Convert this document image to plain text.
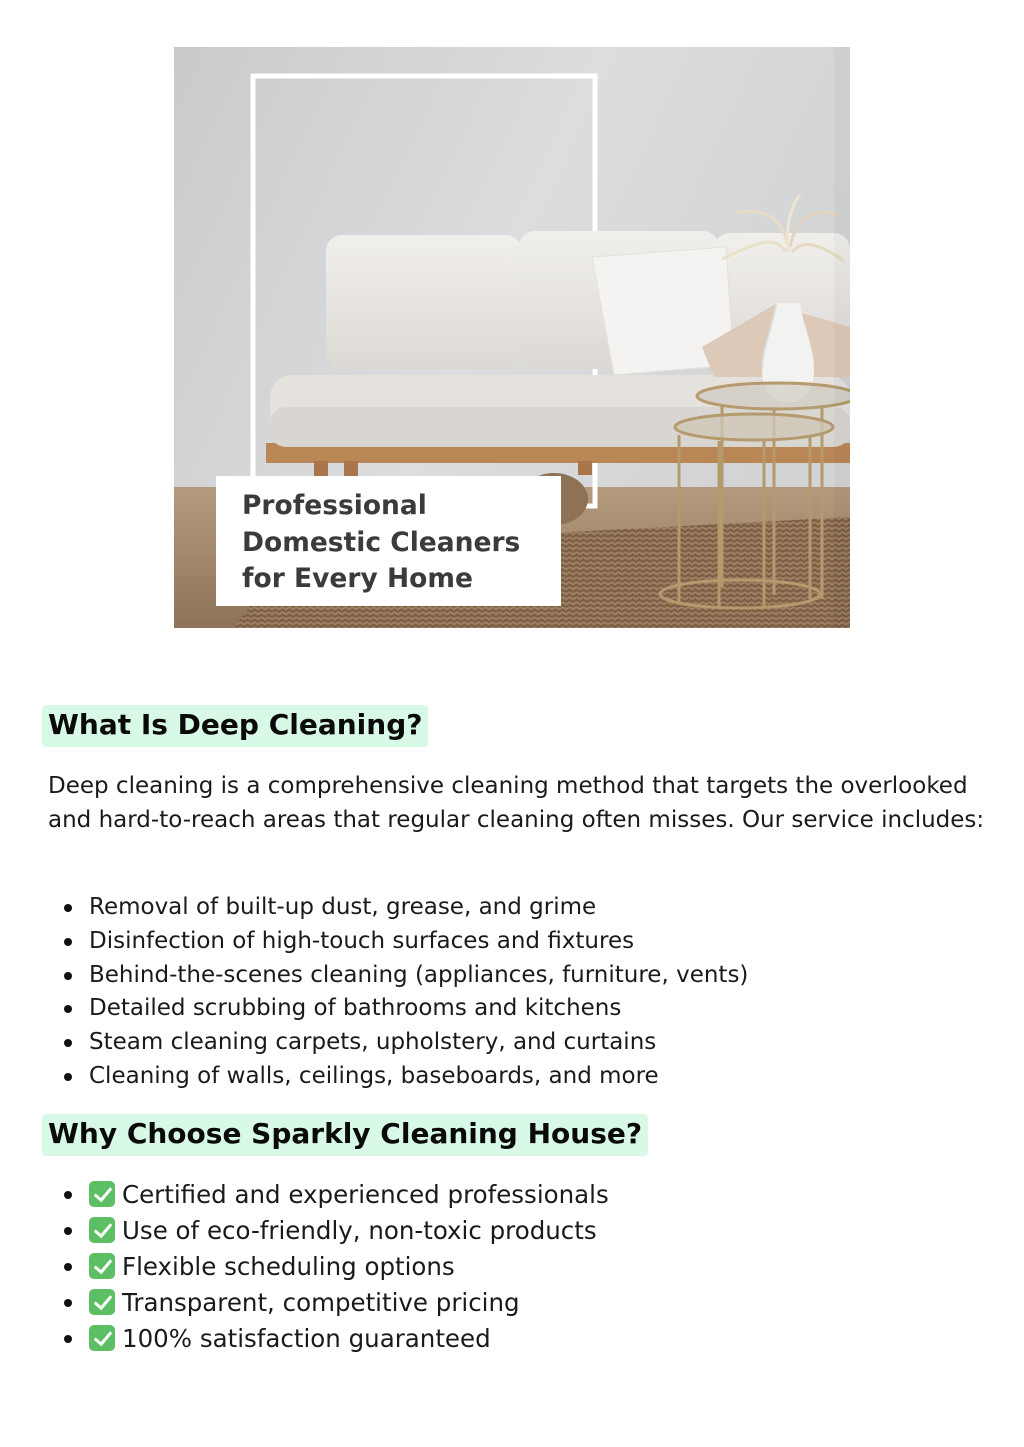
Professional
Domestic Cleaners
for Every Home
What Is Deep Cleaning?

Deep cleaning is a comprehensive cleaning method that targets the overlooked and hard-to-reach areas that regular cleaning often misses. Our service includes:

Removal of built-up dust, grease, and grime
Disinfection of high-touch surfaces and fixtures
Behind-the-scenes cleaning (appliances, furniture, vents)
Detailed scrubbing of bathrooms and kitchens
Steam cleaning carpets, upholstery, and curtains
Cleaning of walls, ceilings, baseboards, and more
Why Choose Sparkly Cleaning House?
Certified and experienced professionals
Use of eco-friendly, non-toxic products
Flexible scheduling options
Transparent, competitive pricing
100% satisfaction guaranteed
